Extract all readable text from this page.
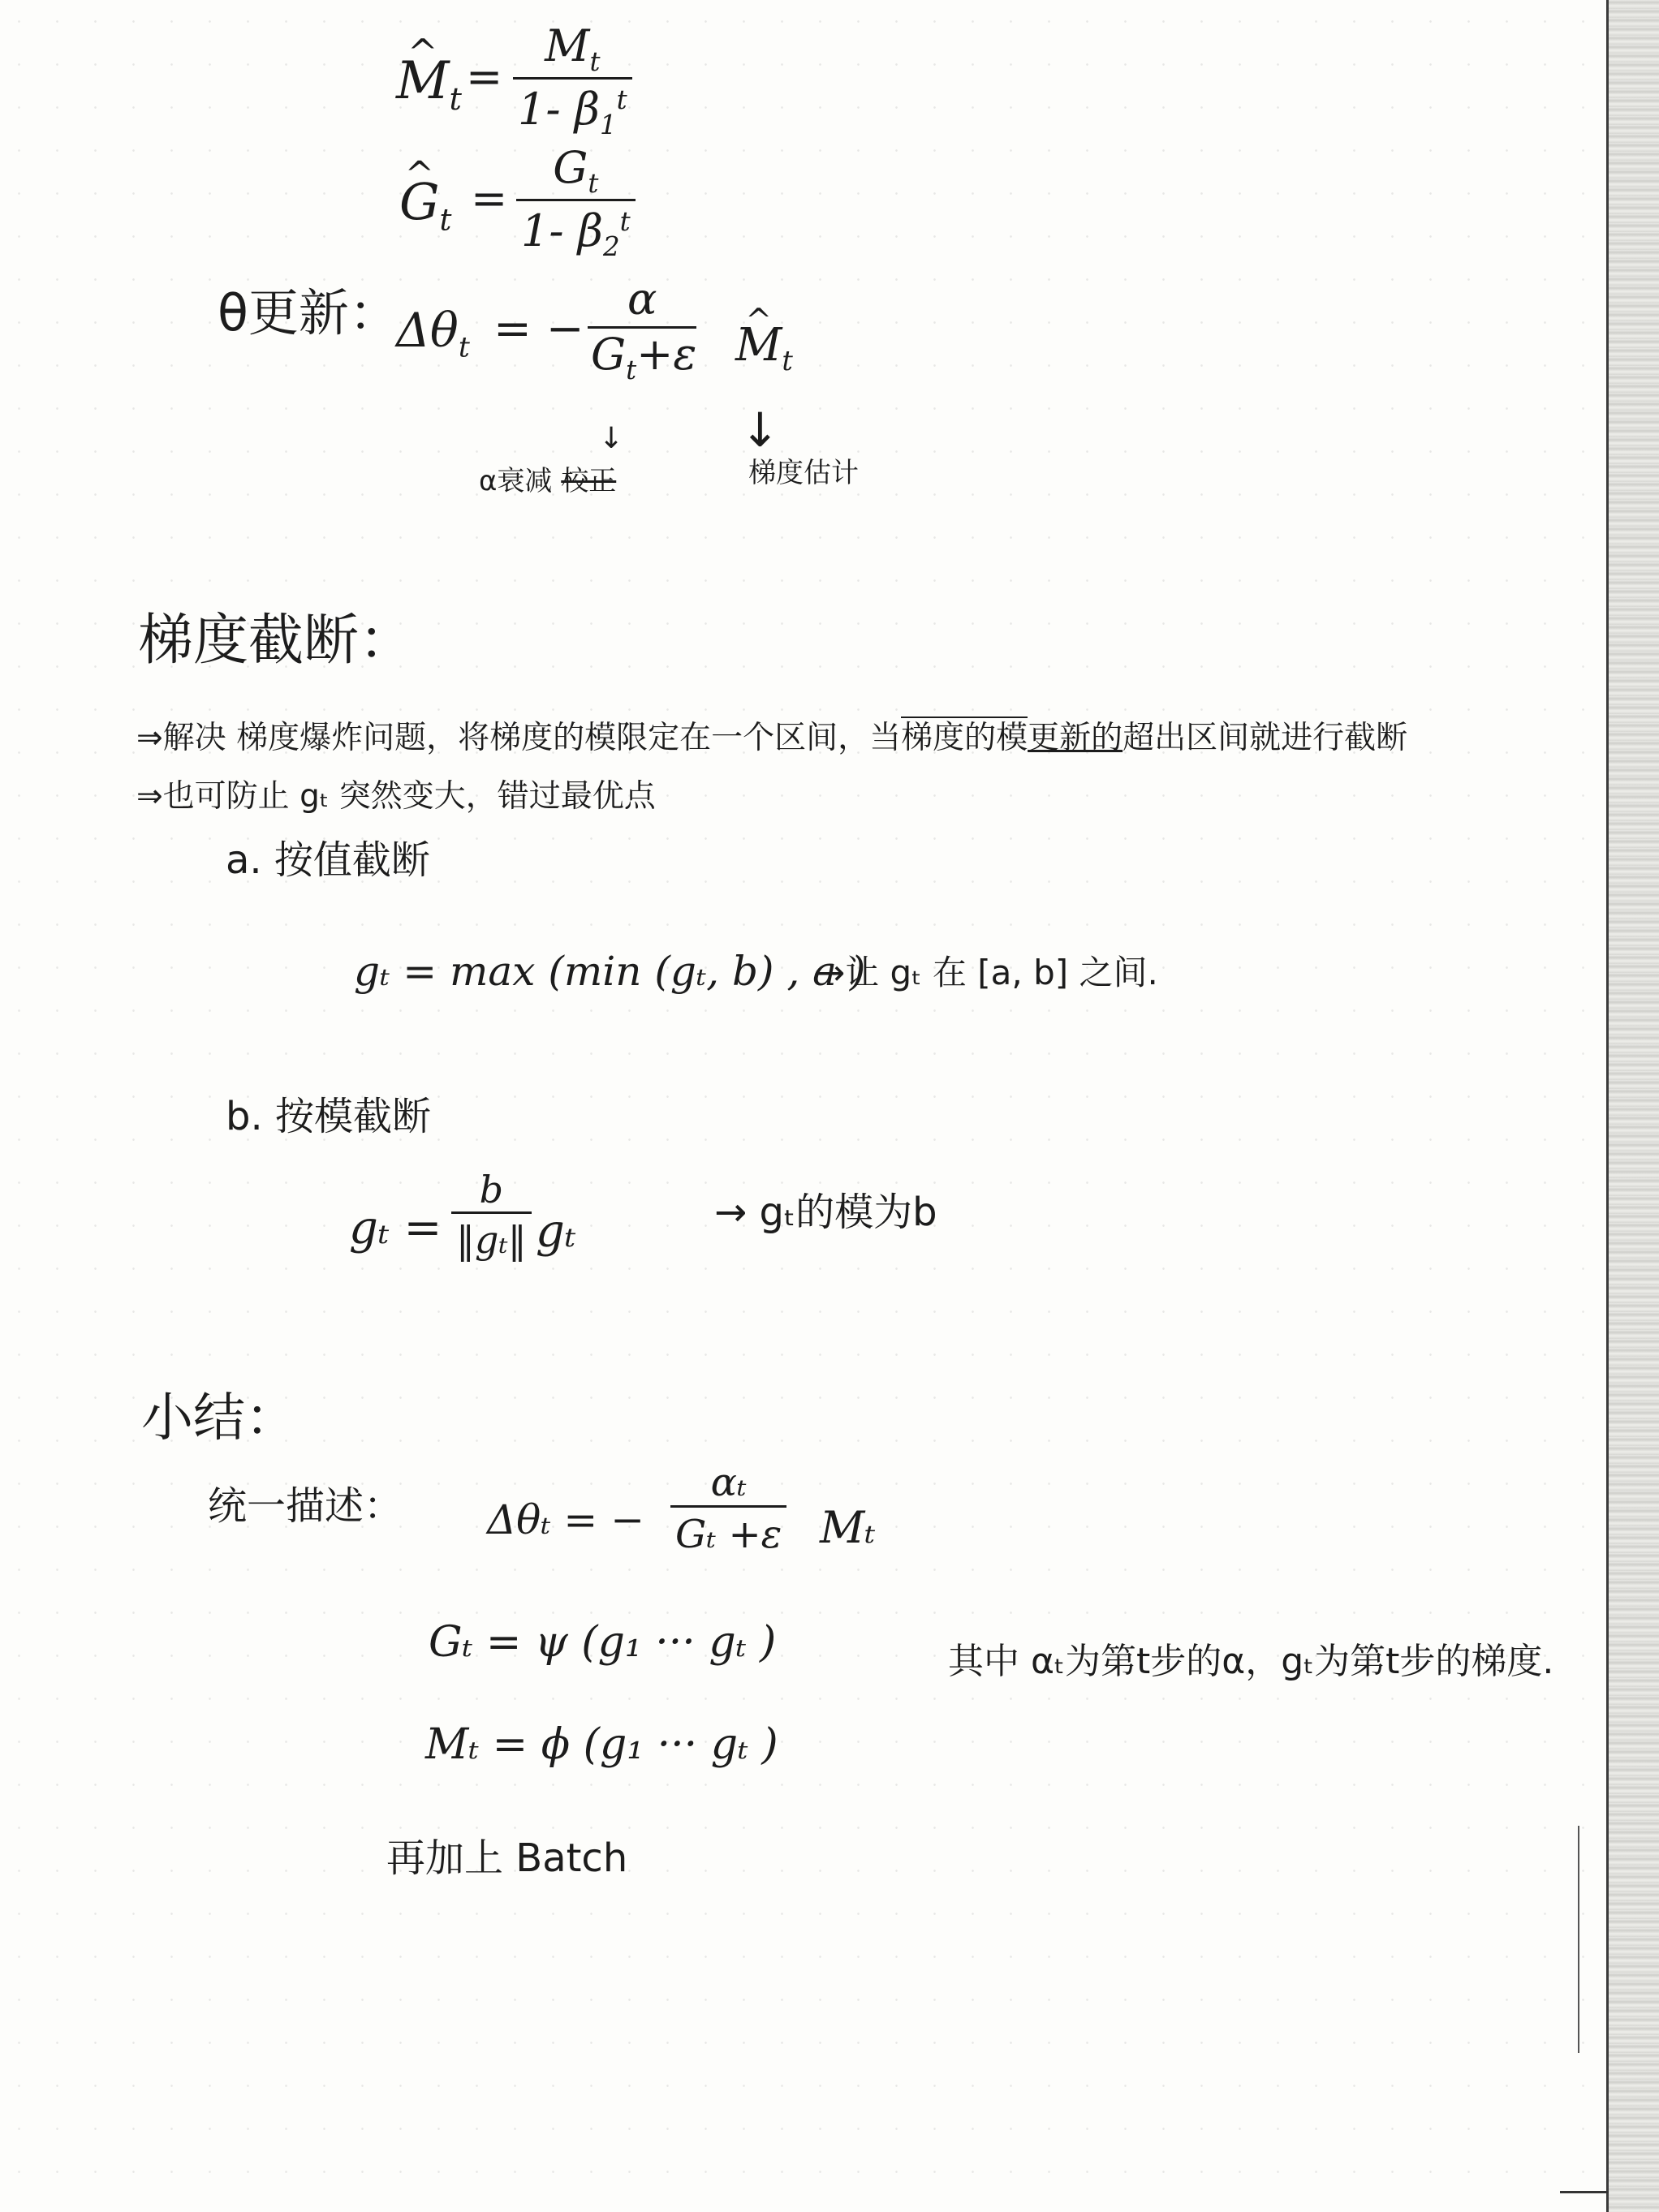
^ $M_t = \frac{M_t}{1- \beta_1^t}$
^ $G_t = \frac{G_t}{1- \beta_2^t}$
θ更新：
$\Delta\theta_t$ = −
α
$G_t+\varepsilon$
^ $M_t$
↓ ↓
α衰减 校正	梯度估计
梯度截断：
⇒解决 梯度爆炸问题，将梯度的模限定在一个区间，当梯度的模更新的超出区间就进行截断
⇒也可防止 gₜ 突然变大，错过最优点
a. 按值截断
gₜ = max (min (gₜ, b) , a )
→让 gₜ 在 [a, b] 之间.
b. 按模截断
$g_t = \frac{b}{\text{‖gₜ‖}}$ gₜ	→ gₜ的模为b
小结：
统一描述： Δθₜ = − $\frac{\text{αₜ}}{\text{Gₜ +ε}}$ Mₜ
Gₜ = ψ (g₁ ··· gₜ )
Mₜ = ϕ (g₁ ··· gₜ )
其中 αₜ为第t步的α，gₜ为第t步的梯度.
再加上 Batch
